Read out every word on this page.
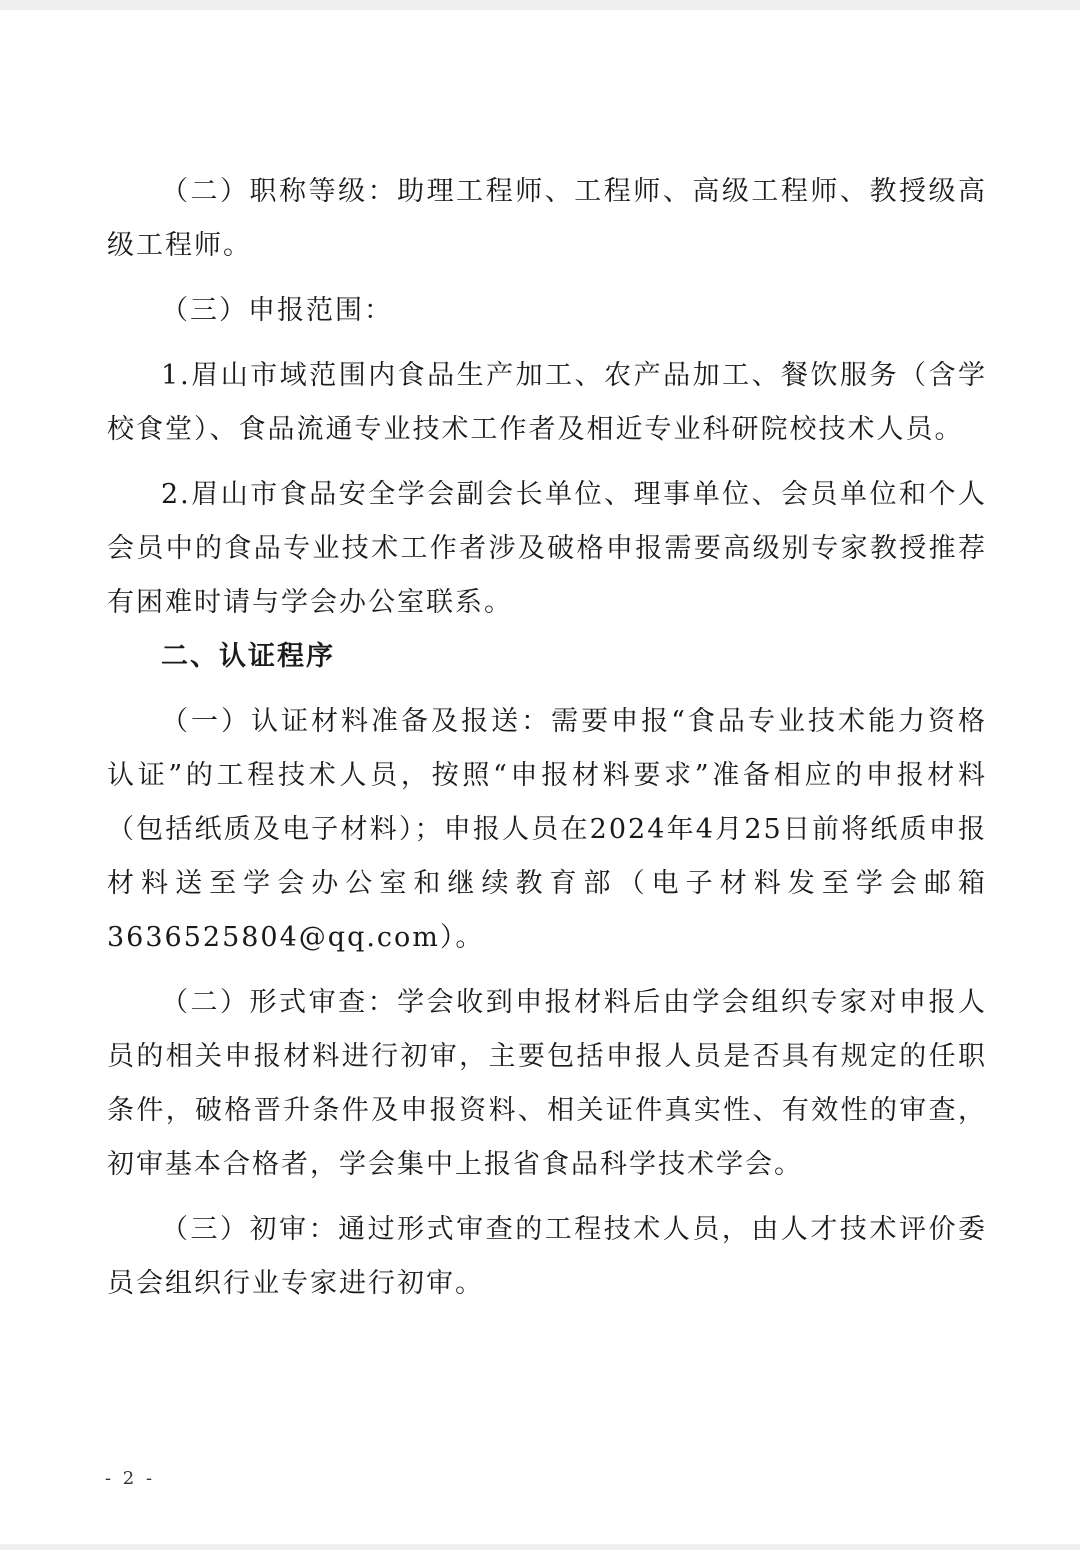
（二）职称等级：助理工程师、工程师、高级工程师、教授级高级工程师。

（三）申报范围：

1.眉山市域范围内食品生产加工、农产品加工、餐饮服务（含学校食堂）、食品流通专业技术工作者及相近专业科研院校技术人员。

2.眉山市食品安全学会副会长单位、理事单位、会员单位和个人会员中的食品专业技术工作者涉及破格申报需要高级别专家教授推荐有困难时请与学会办公室联系。

二、认证程序

（一）认证材料准备及报送：需要申报“食品专业技术能力资格认证”的工程技术人员，按照“申报材料要求”准备相应的申报材料（包括纸质及电子材料）；申报人员在2024年4月25日前将纸质申报材料送至学会办公室和继续教育部（电子材料发至学会邮箱3636525804@qq.com）。

（二）形式审查：学会收到申报材料后由学会组织专家对申报人员的相关申报材料进行初审，主要包括申报人员是否具有规定的任职条件，破格晋升条件及申报资料、相关证件真实性、有效性的审查，初审基本合格者，学会集中上报省食品科学技术学会。

（三）初审：通过形式审查的工程技术人员，由人才技术评价委员会组织行业专家进行初审。

- 2 -
